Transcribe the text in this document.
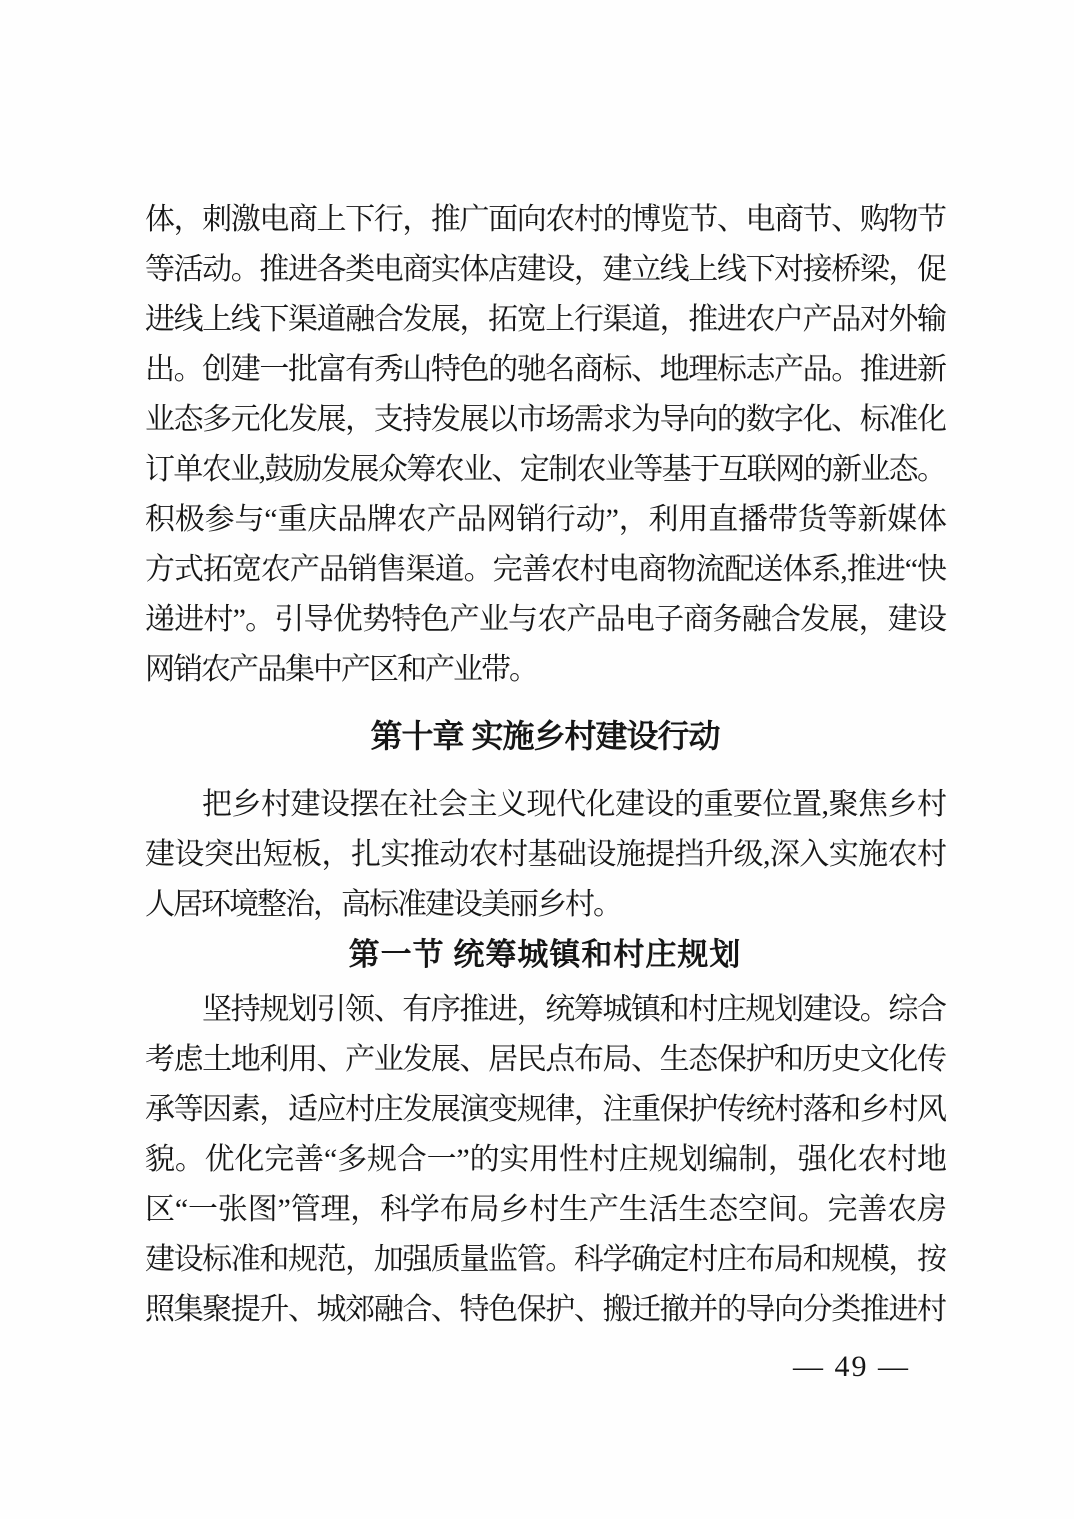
体，刺激电商上下行，推广面向农村的博览节、电商节、购物节
等活动。推进各类电商实体店建设，建立线上线下对接桥梁，促
进线上线下渠道融合发展，拓宽上行渠道，推进农户产品对外输
出。创建一批富有秀山特色的驰名商标、地理标志产品。推进新
业态多元化发展，支持发展以市场需求为导向的数字化、标准化
订单农业,鼓励发展众筹农业、定制农业等基于互联网的新业态。
积极参与“重庆品牌农产品网销行动”，利用直播带货等新媒体
方式拓宽农产品销售渠道。完善农村电商物流配送体系,推进“快
递进村”。引导优势特色产业与农产品电子商务融合发展，建设
网销农产品集中产区和产业带。
第十章 实施乡村建设行动
把乡村建设摆在社会主义现代化建设的重要位置,聚焦乡村
建设突出短板，扎实推动农村基础设施提挡升级,深入实施农村
人居环境整治，高标准建设美丽乡村。
第一节 统筹城镇和村庄规划
坚持规划引领、有序推进，统筹城镇和村庄规划建设。综合
考虑土地利用、产业发展、居民点布局、生态保护和历史文化传
承等因素，适应村庄发展演变规律，注重保护传统村落和乡村风
貌。优化完善“多规合一”的实用性村庄规划编制，强化农村地
区“一张图”管理，科学布局乡村生产生活生态空间。完善农房
建设标准和规范，加强质量监管。科学确定村庄布局和规模，按
照集聚提升、城郊融合、特色保护、搬迁撤并的导向分类推进村
— 49 —
